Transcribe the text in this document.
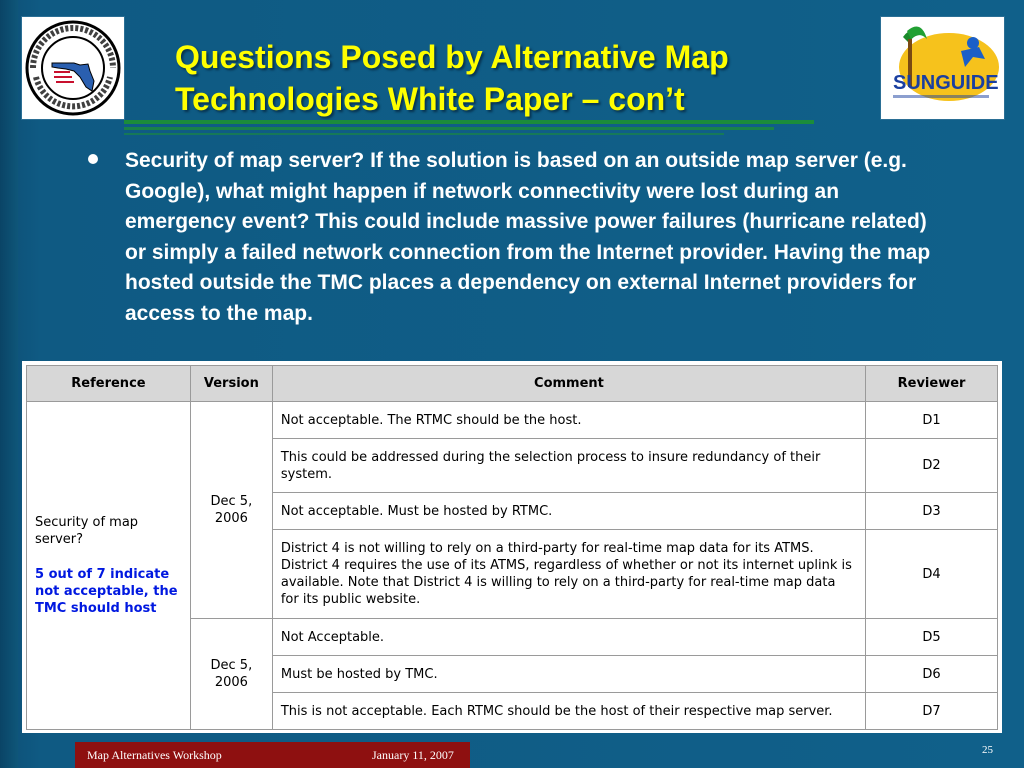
Questions Posed by Alternative Map
Technologies White Paper – con’t	SUNGUIDE
Security of map server? If the solution is based on an outside map server (e.g. Google), what might happen if network connectivity were lost during an emergency event? This could include massive power failures (hurricane related) or simply a failed network connection from the Internet provider. Having the map hosted outside the TMC places a dependency on external Internet providers for access to the map.
Reference	Version	Comment	Reviewer

Security of map server?
5 out of 7 indicate not acceptable, the TMC should host	Dec 5, 2006	Not acceptable. The RTMC should be the host.	D1
		This could be addressed during the selection process to insure redundancy of their system.	D2
		Not acceptable. Must be hosted by RTMC.	D3
		District 4 is not willing to rely on a third-party for real-time map data for its ATMS. District 4 requires the use of its ATMS, regardless of whether or not its internet uplink is available. Note that District 4 is willing to rely on a third-party for real-time map data for its public website.	D4
	Dec 5, 2006	Not Acceptable.	D5
		Must be hosted by TMC.	D6
		This is not acceptable. Each RTMC should be the host of their respective map server.	D7
Map Alternatives Workshop	January 11, 2007	25
